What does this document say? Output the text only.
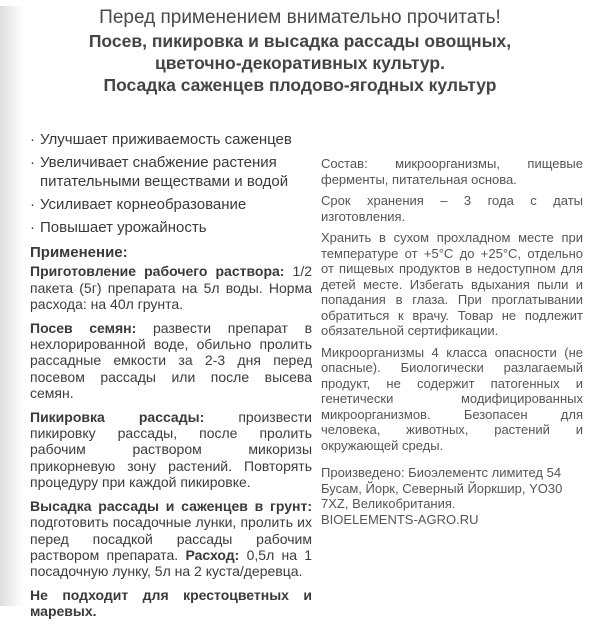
Перед применением внимательно прочитать!

Посев, пикировка и высадка рассады овощных,

цветочно-декоративных культур.

Посадка саженцев плодово-ягодных культур

· Улучшает приживаемость саженцев
· Увеличивает снабжение растения питательными веществами и водой
· Усиливает корнеобразование
· Повышает урожайность
Применение:

Приготовление рабочего раствора: 1/2 пакета (5г) препарата на 5л воды. Норма расхода: на 40л грунта.

Посев семян: развести препарат в нехлорированной воде, обильно пролить рассадные емкости за 2-3 дня перед посевом рассады или после высева семян.

Пикировка рассады: произвести пикировку рассады, после пролить рабочим раствором микоризы прикорневую зону растений. Повторять процедуру при каждой пикировке.

Высадка рассады и саженцев в грунт: подготовить посадочные лунки, пролить их перед посадкой рассады рабочим раствором препарата. Расход: 0,5л на 1 посадочную лунку, 5л на 2 куста/деревца.

Не подходит для крестоцветных и маревых.

Состав: микроорганизмы, пищевые ферменты, питательная основа.

Срок хранения – 3 года с даты изготовления.

Хранить в сухом прохладном месте при температуре от +5°С до +25°С, отдельно от пищевых продуктов в недоступном для детей месте. Избегать вдыхания пыли и попадания в глаза. При проглатывании обратиться к врачу. Товар не подлежит обязательной сертификации.

Микроорганизмы 4 класса опасности (не опасные). Биологически разлагаемый продукт, не содержит патогенных и генетически модифицированных микроорганизмов. Безопасен для человека, животных, растений и окружающей среды.

Произведено: Биоэлементс лимитед 54

Бусам, Йорк, Северный Йоркшир, YO30

7XZ, Великобритания.

BIOELEMENTS-AGRO.RU
